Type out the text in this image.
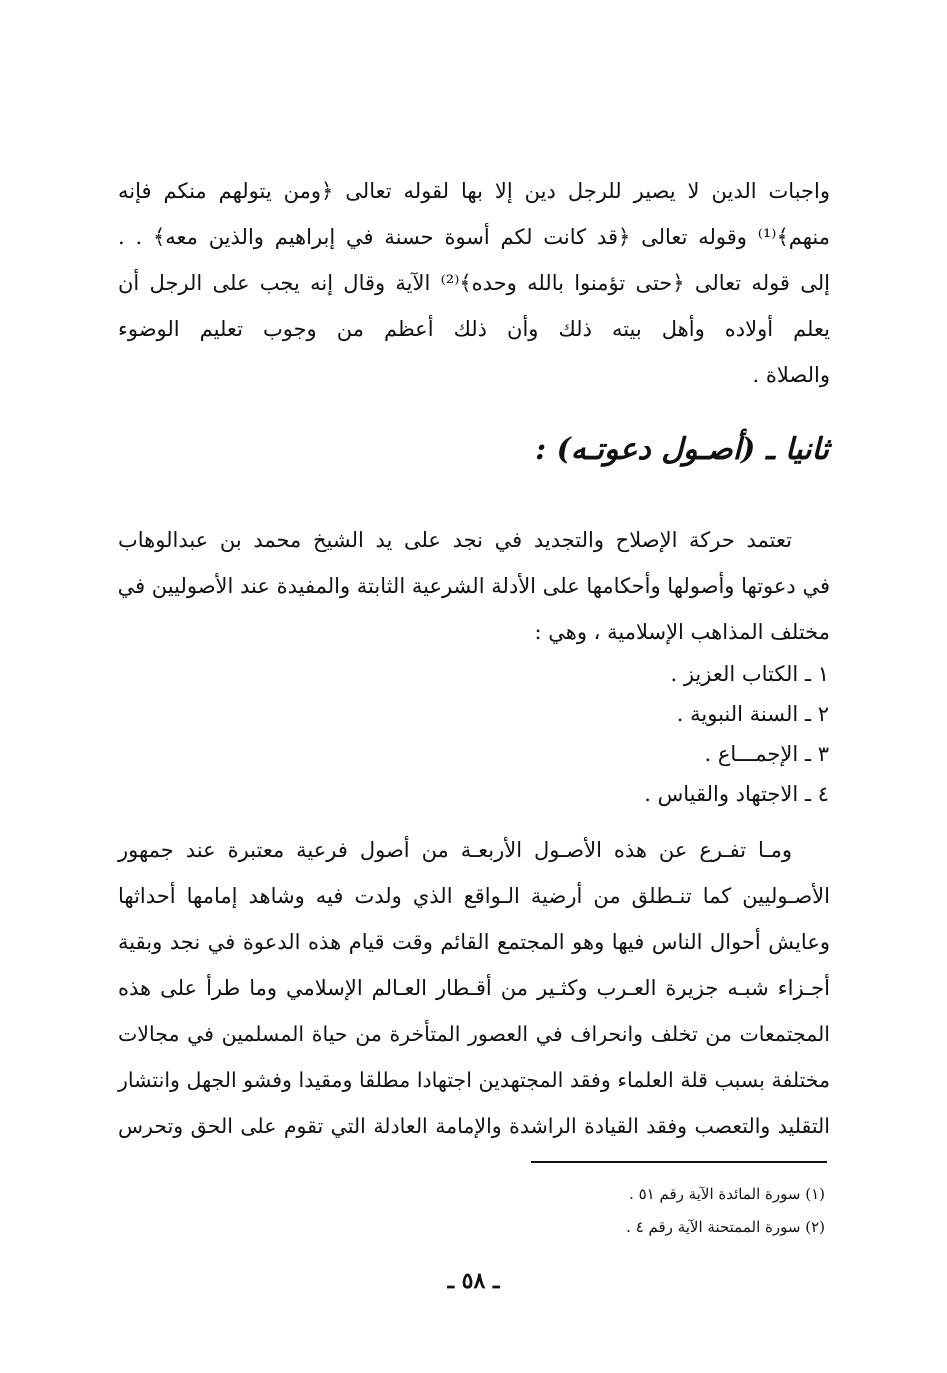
واجبات الدين لا يصير للرجل دين إلا بها لقوله تعالى ﴿ومن يتولهم منكم فإنه
منهم﴾⁽¹⁾ وقوله تعالى ﴿قد كانت لكم أسوة حسنة في إبراهيم والذين معه﴾ . .
إلى قوله تعالى ﴿حتى تؤمنوا بالله وحده﴾⁽²⁾ الآية وقال إنه يجب على الرجل أن
يعلم أولاده وأهل بيته ذلك وأن ذلك أعظم من وجوب تعليم الوضوء
والصلاة .
ثانيا ـ (أصـول دعوتـه) :
تعتمد حركة الإصلاح والتجديد في نجد على يد الشيخ محمد بن عبدالوهاب
في دعوتها وأصولها وأحكامها على الأدلة الشرعية الثابتة والمفيدة عند الأصوليين في
مختلف المذاهب الإسلامية ، وهي :
١ ـ الكتاب العزيز .
٢ ـ السنة النبوية .
٣ ـ الإجمـــاع .
٤ ـ الاجتهاد والقياس .
ومـا تفـرع عن هذه الأصـول الأربعـة من أصول فرعية معتبرة عند جمهور
الأصـوليين كما تنـطلق من أرضية الـواقع الذي ولدت فيه وشاهد إمامها أحداثها
وعايش أحوال الناس فيها وهو المجتمع القائم وقت قيام هذه الدعوة في نجد وبقية
أجـزاء شبـه جزيرة العـرب وكثـير من أقـطار العـالم الإسلامي وما طرأ على هذه
المجتمعات من تخلف وانحراف في العصور المتأخرة من حياة المسلمين في مجالات
مختلفة بسبب قلة العلماء وفقد المجتهدين اجتهادا مطلقا ومقيدا وفشو الجهل وانتشار
التقليد والتعصب وفقد القيادة الراشدة والإمامة العادلة التي تقوم على الحق وتحرس
(١) سورة المائدة الآية رقم ٥١ .
(٢) سورة الممتحنة الآية رقم ٤ .
ـ ٥٨ ـ
